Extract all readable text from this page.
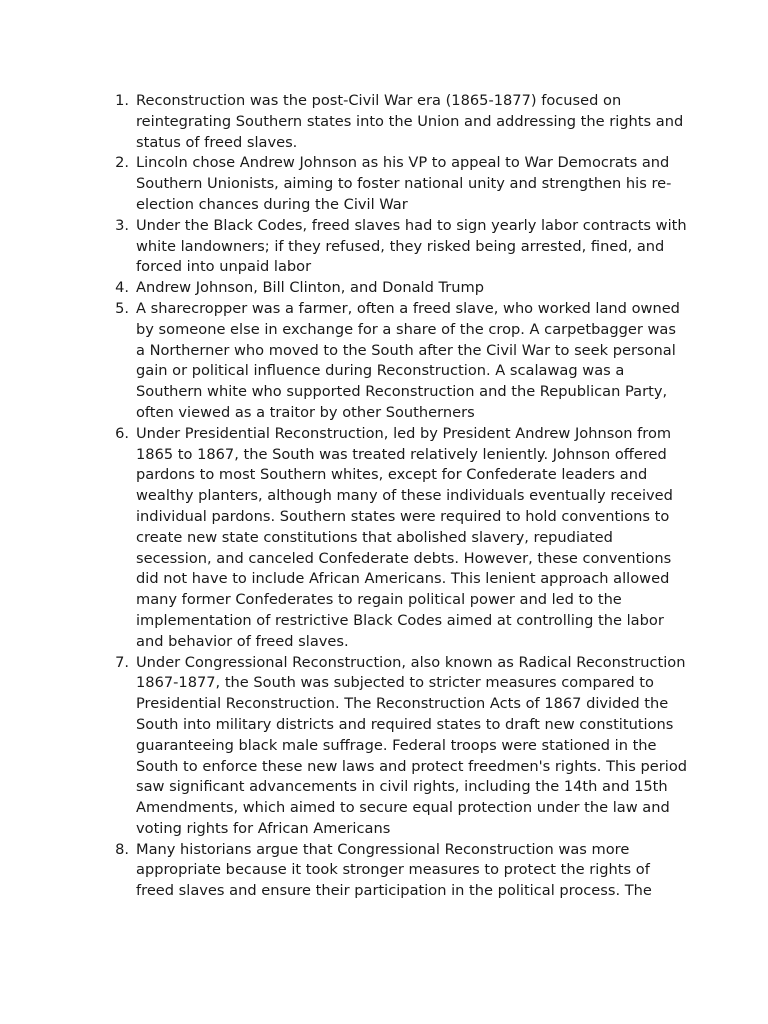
1. Reconstruction was the post-Civil War era (1865-1877) focused on reintegrating Southern states into the Union and addressing the rights and status of freed slaves.
2. Lincoln chose Andrew Johnson as his VP to appeal to War Democrats and Southern Unionists, aiming to foster national unity and strengthen his re-election chances during the Civil War
3. Under the Black Codes, freed slaves had to sign yearly labor contracts with white landowners; if they refused, they risked being arrested, fined, and forced into unpaid labor
4. Andrew Johnson, Bill Clinton, and Donald Trump
5. A sharecropper was a farmer, often a freed slave, who worked land owned by someone else in exchange for a share of the crop. A carpetbagger was a Northerner who moved to the South after the Civil War to seek personal gain or political influence during Reconstruction. A scalawag was a Southern white who supported Reconstruction and the Republican Party, often viewed as a traitor by other Southerners
6. Under Presidential Reconstruction, led by President Andrew Johnson from 1865 to 1867, the South was treated relatively leniently. Johnson offered pardons to most Southern whites, except for Confederate leaders and wealthy planters, although many of these individuals eventually received individual pardons. Southern states were required to hold conventions to create new state constitutions that abolished slavery, repudiated secession, and canceled Confederate debts. However, these conventions did not have to include African Americans. This lenient approach allowed many former Confederates to regain political power and led to the implementation of restrictive Black Codes aimed at controlling the labor and behavior of freed slaves.
7. Under Congressional Reconstruction, also known as Radical Reconstruction 1867-1877, the South was subjected to stricter measures compared to Presidential Reconstruction. The Reconstruction Acts of 1867 divided the South into military districts and required states to draft new constitutions guaranteeing black male suffrage. Federal troops were stationed in the South to enforce these new laws and protect freedmen's rights. This period saw significant advancements in civil rights, including the 14th and 15th Amendments, which aimed to secure equal protection under the law and voting rights for African Americans
8. Many historians argue that Congressional Reconstruction was more appropriate because it took stronger measures to protect the rights of freed slaves and ensure their participation in the political process. The
